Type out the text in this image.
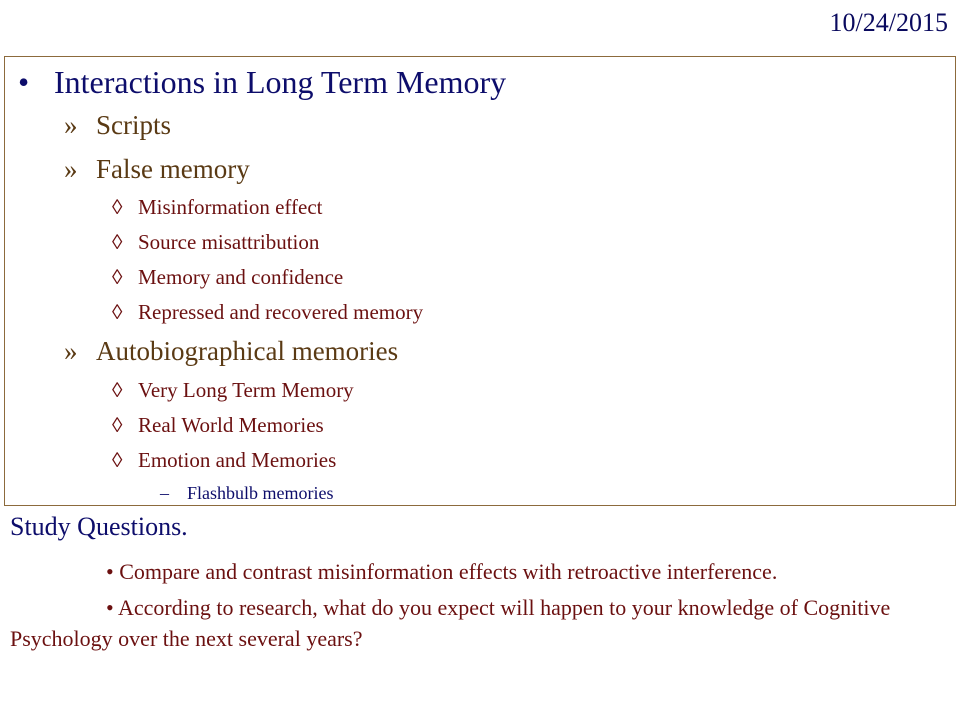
10/24/2015
• Interactions in Long Term Memory
» Scripts
» False memory
◊ Misinformation effect
◊ Source misattribution
◊ Memory and confidence
◊ Repressed and recovered memory
» Autobiographical memories
◊ Very Long Term Memory
◊ Real World Memories
◊ Emotion and Memories
– Flashbulb memories
Study Questions.
• Compare and contrast misinformation effects with retroactive interference.
• According to research, what do you expect will happen to your knowledge of Cognitive Psychology over the next several years?
